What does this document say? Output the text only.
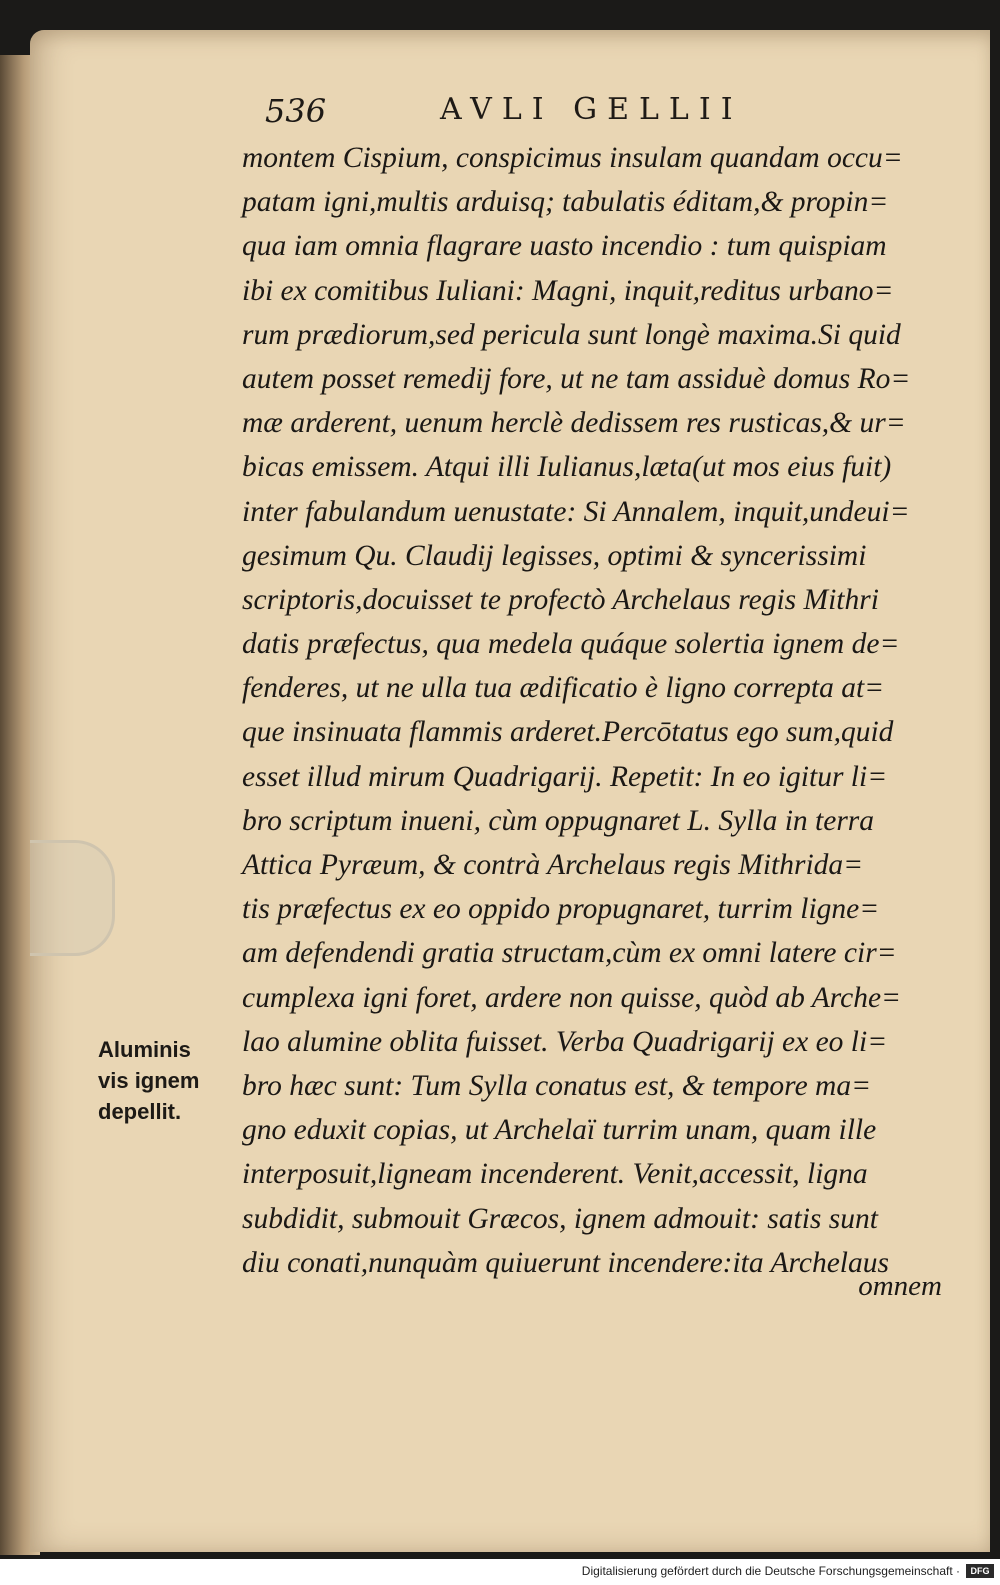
536	AVLI GELLII
montem Cispium, conspicimus insulam quandam occu=
patam igni,multis arduisq; tabulatis éditam,& propin=
qua iam omnia flagrare uasto incendio : tum quispiam
ibi ex comitibus Iuliani: Magni, inquit,reditus urbano=
rum prædiorum,sed pericula sunt longè maxima.Si quid
autem posset remedij fore, ut ne tam assiduè domus Ro=
mæ arderent, uenum herclè dedissem res rusticas,& ur=
bicas emissem. Atqui illi Iulianus,læta(ut mos eius fuit)
inter fabulandum uenustate: Si Annalem, inquit,undeui=
gesimum Qu. Claudij legisses, optimi & syncerissimi
scriptoris,docuisset te profectò Archelaus regis Mithri
datis præfectus, qua medela quáque solertia ignem de=
fenderes, ut ne ulla tua ædificatio è ligno correpta at=
que insinuata flammis arderet.Percōtatus ego sum,quid
esset illud mirum Quadrigarij. Repetit: In eo igitur li=
bro scriptum inueni, cùm oppugnaret L. Sylla in terra
Attica Pyræum, & contrà Archelaus regis Mithrida=
tis præfectus ex eo oppido propugnaret, turrim ligne=
am defendendi gratia structam,cùm ex omni latere cir=
cumplexa igni foret, ardere non quisse, quòd ab Arche=
lao alumine oblita fuisset. Verba Quadrigarij ex eo li=
bro hæc sunt: Tum Sylla conatus est, & tempore ma=
gno eduxit copias, ut Archelaï turrim unam, quam ille
interposuit,ligneam incenderent. Venit,accessit, ligna
subdidit, submouit Græcos, ignem admouit: satis sunt
diu conati,nunquàm quiuerunt incendere:ita Archelaus
omnem
Aluminis
vis ignem
depellit.
Digitalisierung gefördert durch die Deutsche Forschungsgemeinschaft ·	DFG
